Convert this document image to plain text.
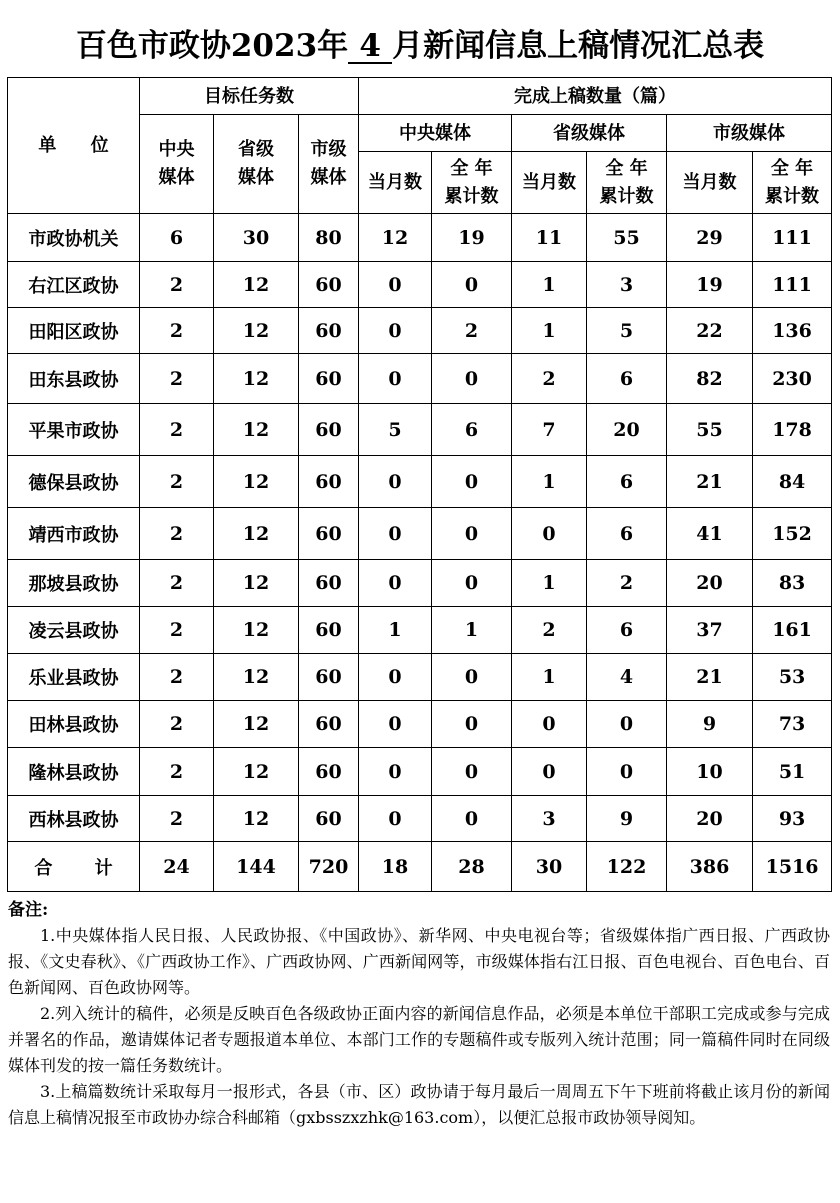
百色市政协2023年 4 月新闻信息上稿情况汇总表
单 位	目标任务数			完成上稿数量（篇）					

	中央媒体	省级媒体	市级媒体	中央媒体		省级媒体		市级媒体	
				当月数	全 年累计数	当月数	全 年累计数	当月数	全 年累计数

市政协机关	6	30	80	12	19	11	55	29	111
右江区政协	2	12	60	0	0	1	3	19	111
田阳区政协	2	12	60	0	2	1	5	22	136
田东县政协	2	12	60	0	0	2	6	82	230
平果市政协	2	12	60	5	6	7	20	55	178
德保县政协	2	12	60	0	0	1	6	21	84
靖西市政协	2	12	60	0	0	0	6	41	152
那坡县政协	2	12	60	0	0	1	2	20	83
凌云县政协	2	12	60	1	1	2	6	37	161
乐业县政协	2	12	60	0	0	1	4	21	53
田林县政协	2	12	60	0	0	0	0	9	73
隆林县政协	2	12	60	0	0	0	0	10	51
西林县政协	2	12	60	0	0	3	9	20	93
合 计	24	144	720	18	28	30	122	386	1516
备注:

1.中央媒体指人民日报、人民政协报、《中国政协》、新华网、中央电视台等；省级媒体指广西日报、广西政协报、《文史春秋》、《广西政协工作》、广西政协网、广西新闻网等，市级媒体指右江日报、百色电视台、百色电台、百色新闻网、百色政协网等。

2.列入统计的稿件，必须是反映百色各级政协正面内容的新闻信息作品，必须是本单位干部职工完成或参与完成并署名的作品，邀请媒体记者专题报道本单位、本部门工作的专题稿件或专版列入统计范围；同一篇稿件同时在同级媒体刊发的按一篇任务数统计。

3.上稿篇数统计采取每月一报形式，各县（市、区）政协请于每月最后一周周五下午下班前将截止该月份的新闻信息上稿情况报至市政协办综合科邮箱（gxbsszxzhk@163.com），以便汇总报市政协领导阅知。
